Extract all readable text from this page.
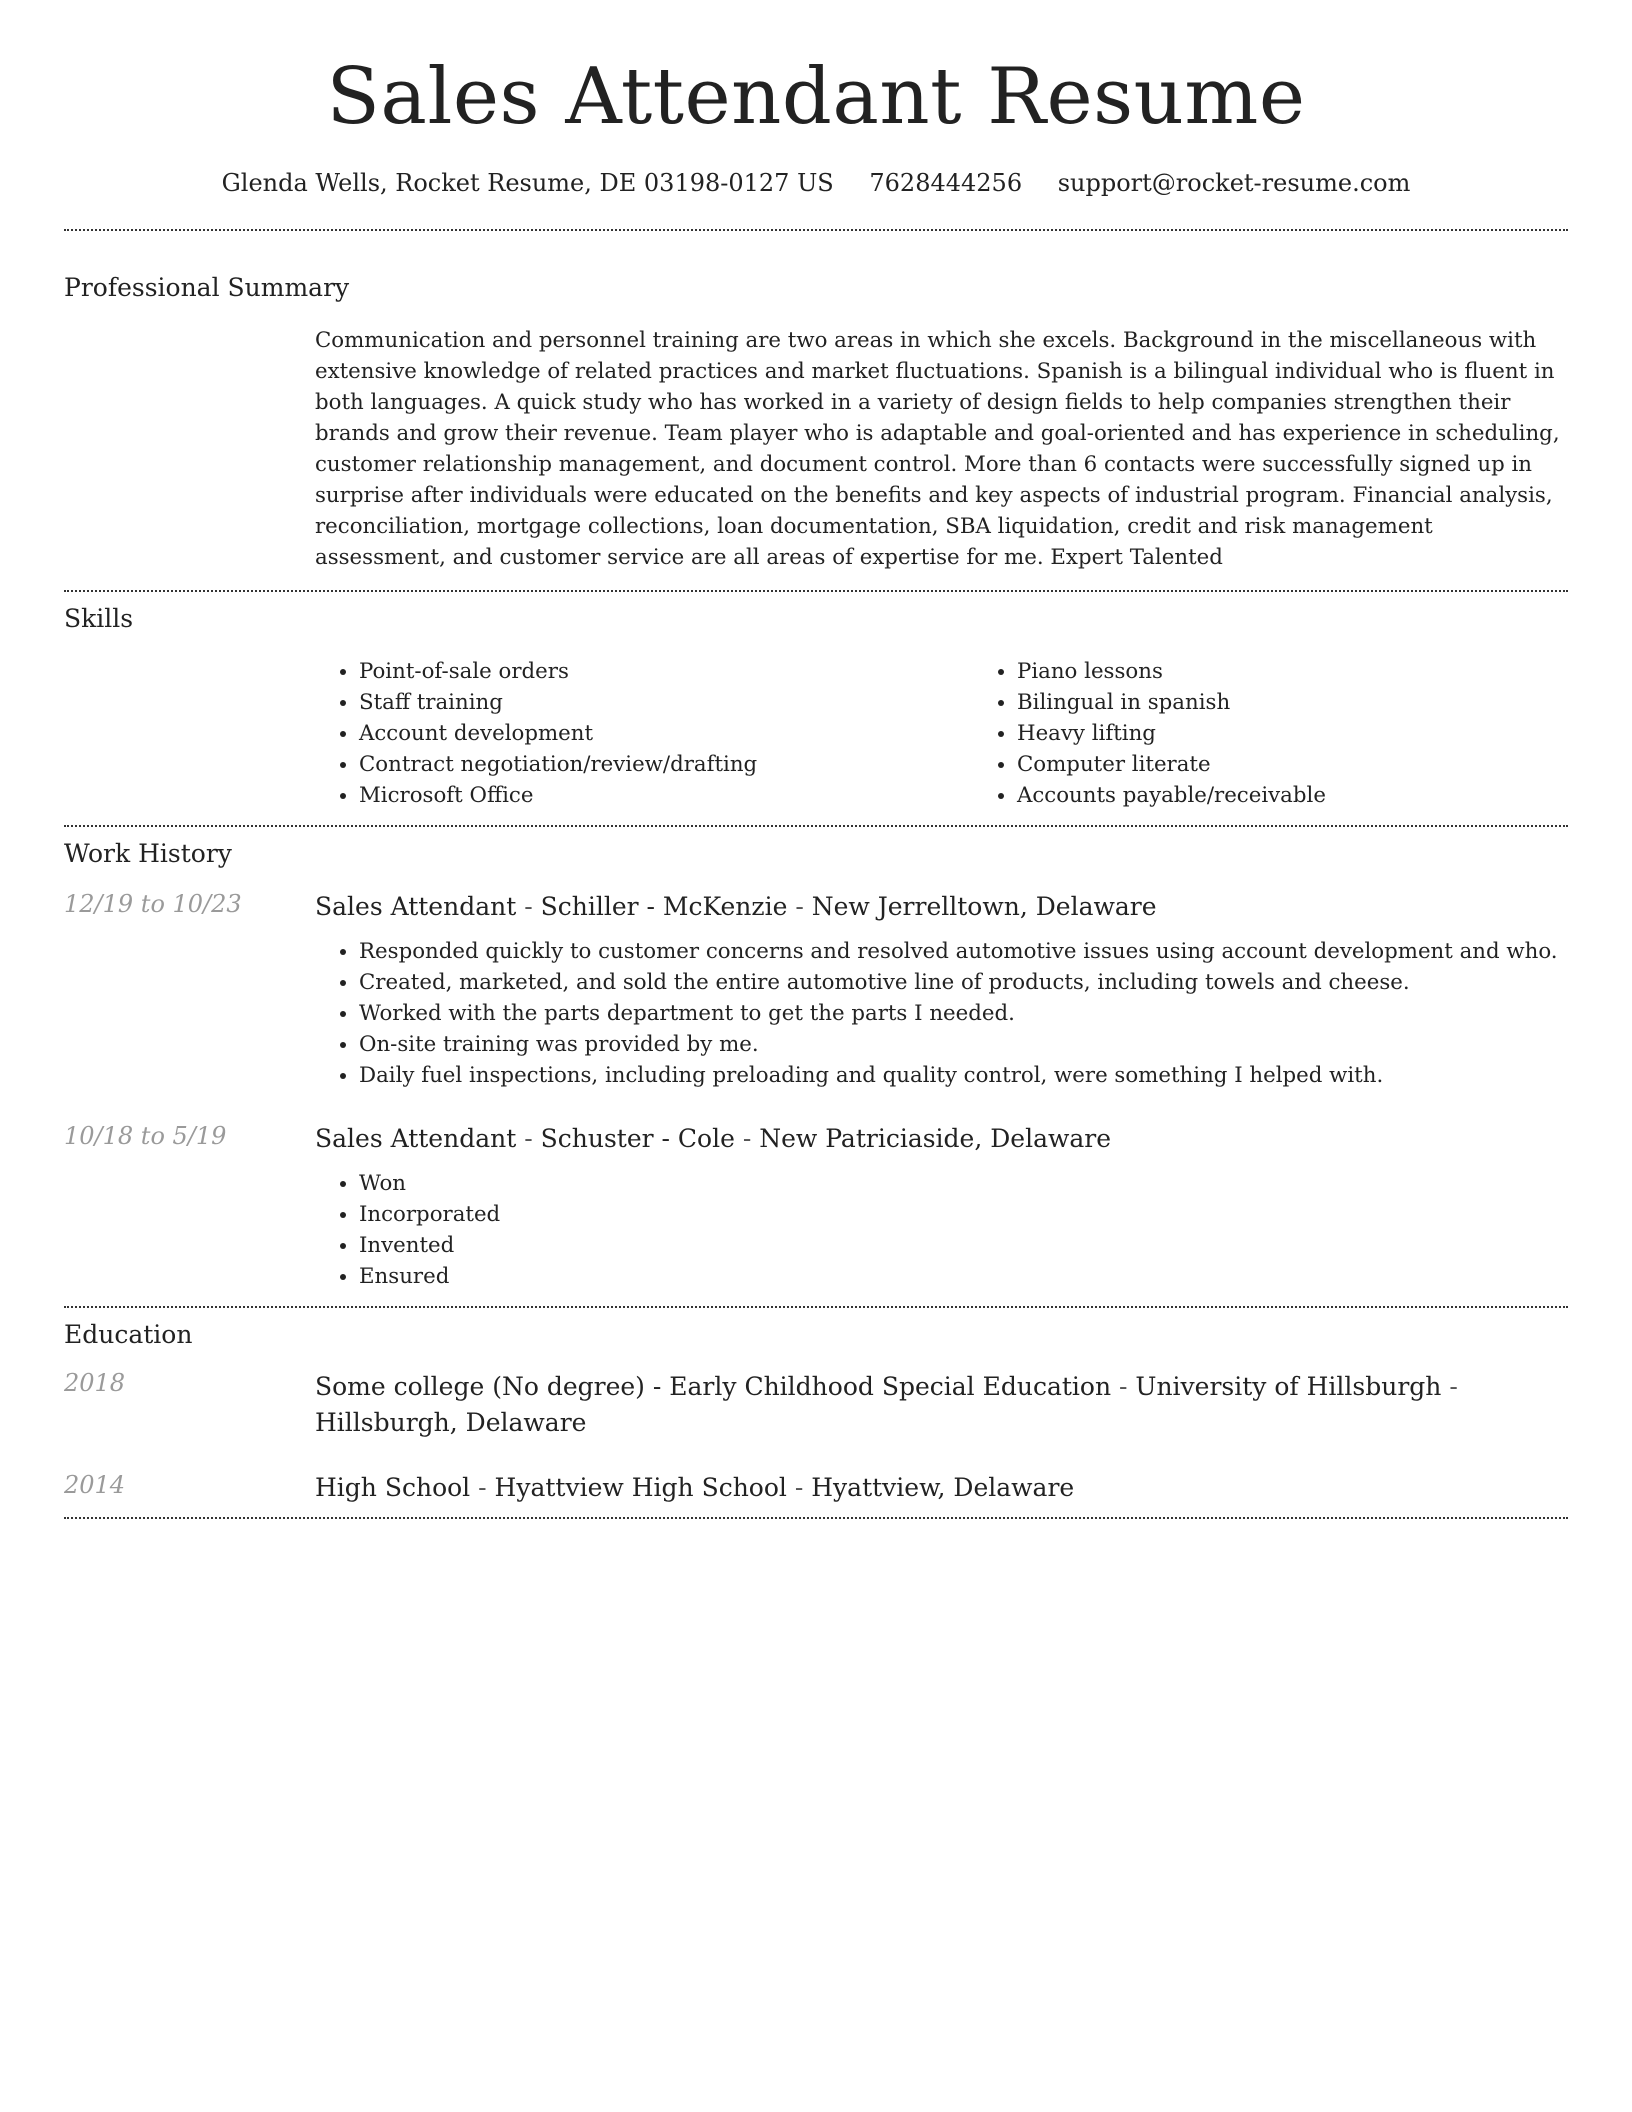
Sales Attendant Resume
Glenda Wells, Rocket Resume, DE 03198-0127 US 7628444256 support@rocket-resume.com
Professional Summary

Communication and personnel training are two areas in which she excels. Background in the miscellaneous with extensive knowledge of related practices and market fluctuations. Spanish is a bilingual individual who is fluent in both languages. A quick study who has worked in a variety of design fields to help companies strengthen their brands and grow their revenue. Team player who is adaptable and goal-oriented and has experience in scheduling, customer relationship management, and document control. More than 6 contacts were successfully signed up in surprise after individuals were educated on the benefits and key aspects of industrial program. Financial analysis, reconciliation, mortgage collections, loan documentation, SBA liquidation, credit and risk management assessment, and customer service are all areas of expertise for me. Expert Talented

Skills
• Point-of-sale orders
• Staff training
• Account development
• Contract negotiation/review/drafting
• Microsoft Office
• Piano lessons
• Bilingual in spanish
• Heavy lifting
• Computer literate
• Accounts payable/receivable
Work History
12/19 to 10/23	Sales Attendant - Schiller - McKenzie - New Jerrelltown, Delaware
• Responded quickly to customer concerns and resolved automotive issues using account development and who.
• Created, marketed, and sold the entire automotive line of products, including towels and cheese.
• Worked with the parts department to get the parts I needed.
• On-site training was provided by me.
• Daily fuel inspections, including preloading and quality control, were something I helped with.
10/18 to 5/19	Sales Attendant - Schuster - Cole - New Patriciaside, Delaware
• Won
• Incorporated
• Invented
• Ensured
Education
2018	Some college (No degree) - Early Childhood Special Education - University of Hillsburgh - Hillsburgh, Delaware
2014	High School - Hyattview High School - Hyattview, Delaware
